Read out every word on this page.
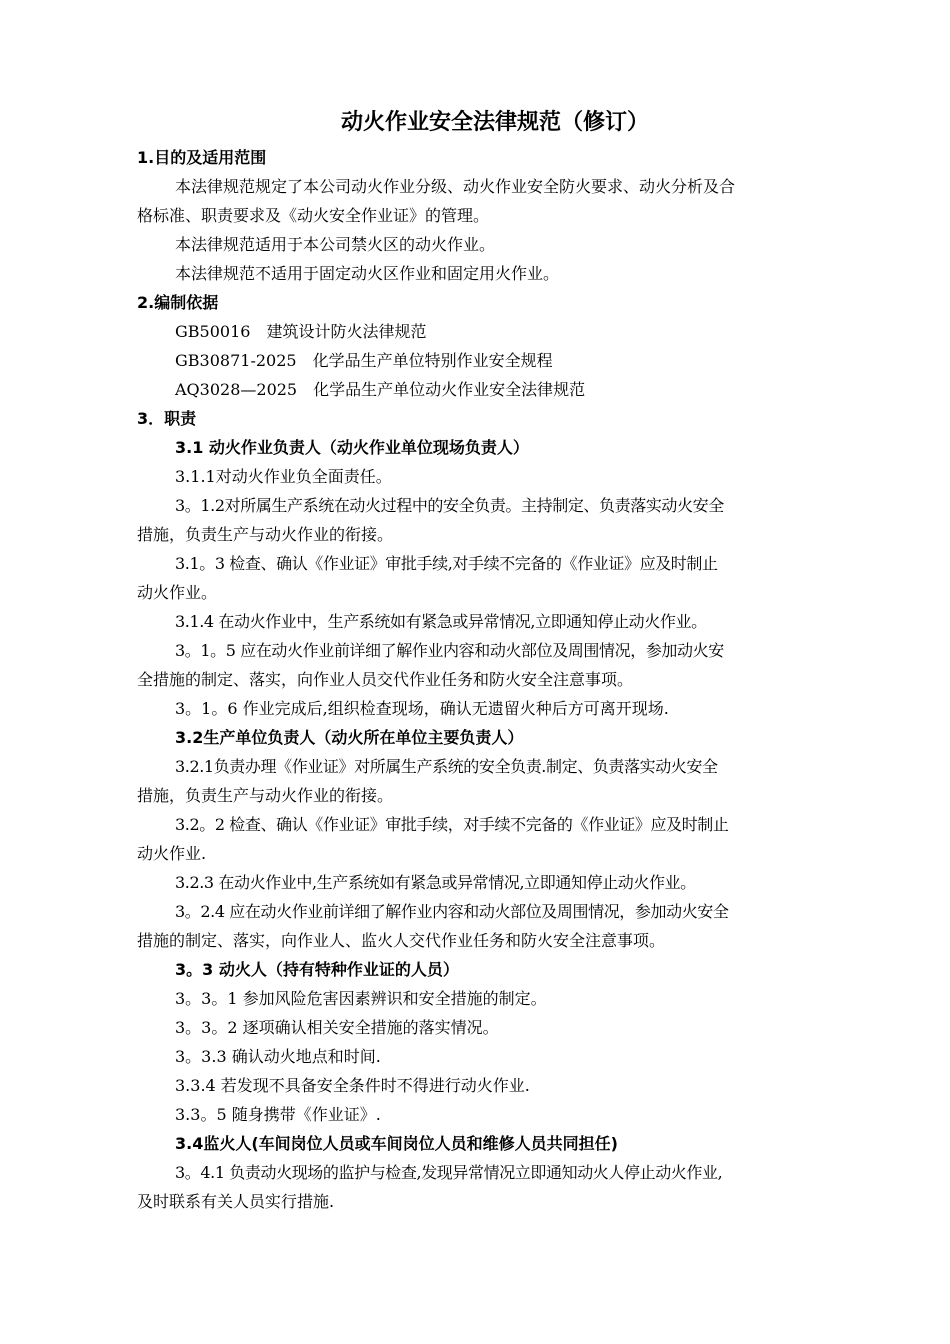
动火作业安全法律规范（修订）

1.目的及适用范围

本法律规范规定了本公司动火作业分级、动火作业安全防火要求、动火分析及合

格标准、职责要求及《动火安全作业证》的管理。

本法律规范适用于本公司禁火区的动火作业。

本法律规范不适用于固定动火区作业和固定用火作业。

2.编制依据

GB50016　建筑设计防火法律规范

GB30871-2025　化学品生产单位特别作业安全规程

AQ3028—2025　化学品生产单位动火作业安全法律规范

3．职责

3.1 动火作业负责人（动火作业单位现场负责人）

3.1.1对动火作业负全面责任。

3。1.2对所属生产系统在动火过程中的安全负责。主持制定、负责落实动火安全

措施，负责生产与动火作业的衔接。

3.1。3 检查、确认《作业证》审批手续,对手续不完备的《作业证》应及时制止

动火作业。

3.1.4 在动火作业中，生产系统如有紧急或异常情况,立即通知停止动火作业。

3。1。5 应在动火作业前详细了解作业内容和动火部位及周围情况，参加动火安

全措施的制定、落实，向作业人员交代作业任务和防火安全注意事项。

3。1。6 作业完成后,组织检查现场，确认无遗留火种后方可离开现场.

3.2生产单位负责人（动火所在单位主要负责人）

3.2.1负责办理《作业证》对所属生产系统的安全负责.制定、负责落实动火安全

措施，负责生产与动火作业的衔接。

3.2。2 检查、确认《作业证》审批手续，对手续不完备的《作业证》应及时制止

动火作业.

3.2.3 在动火作业中,生产系统如有紧急或异常情况,立即通知停止动火作业。

3。2.4 应在动火作业前详细了解作业内容和动火部位及周围情况，参加动火安全

措施的制定、落实，向作业人、监火人交代作业任务和防火安全注意事项。

3。3 动火人（持有特种作业证的人员）

3。3。1 参加风险危害因素辨识和安全措施的制定。

3。3。2 逐项确认相关安全措施的落实情况。

3。3.3 确认动火地点和时间.

3.3.4 若发现不具备安全条件时不得进行动火作业.

3.3。5 随身携带《作业证》.

3.4监火人(车间岗位人员或车间岗位人员和维修人员共同担任)

3。4.1 负责动火现场的监护与检查,发现异常情况立即通知动火人停止动火作业,

及时联系有关人员实行措施.
